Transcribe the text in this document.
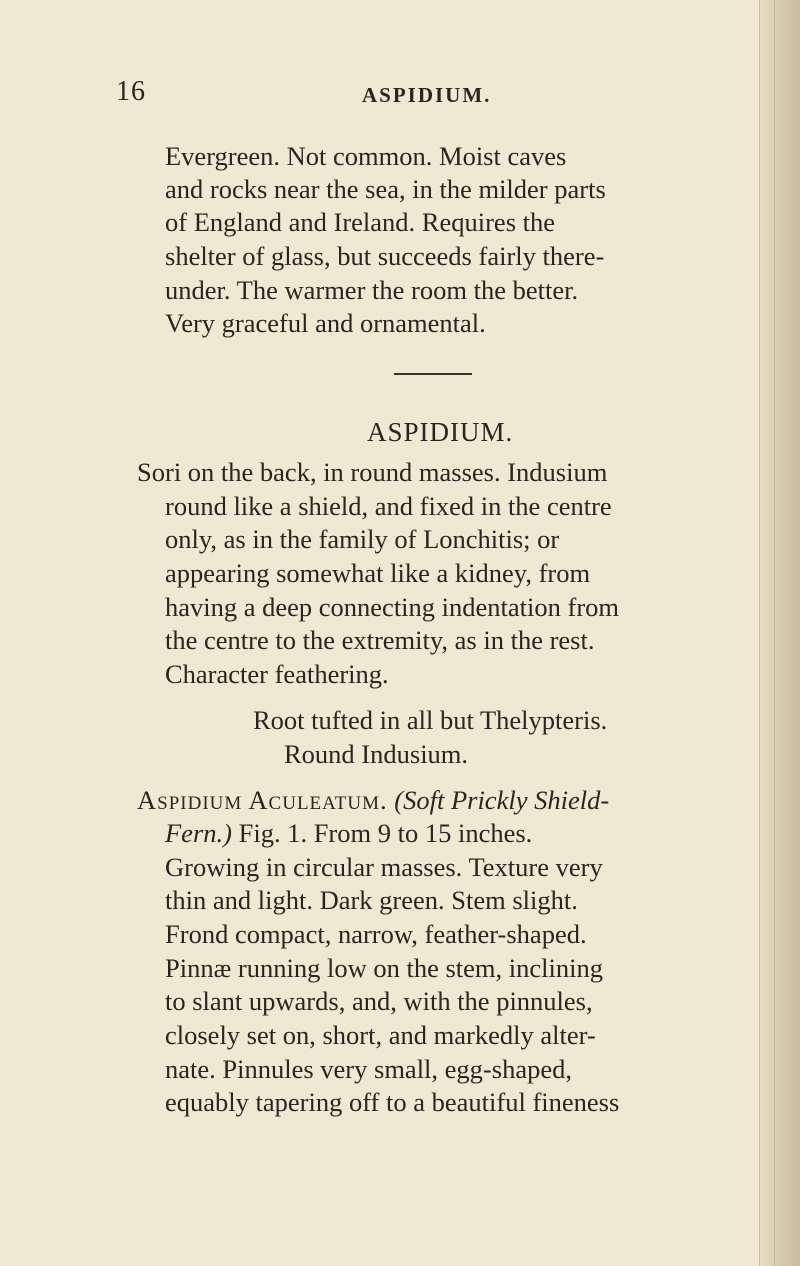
16	ASPIDIUM.
Evergreen. Not common. Moist caves
and rocks near the sea, in the milder parts
of England and Ireland. Requires the
shelter of glass, but succeeds fairly there-
under. The warmer the room the better.
Very graceful and ornamental.
ASPIDIUM.
Sori on the back, in round masses. Indusium
round like a shield, and fixed in the centre
only, as in the family of Lonchitis; or
appearing somewhat like a kidney, from
having a deep connecting indentation from
the centre to the extremity, as in the rest.
Character feathering.
Root tufted in all but Thelypteris.
Round Indusium.
Aspidium Aculeatum. (Soft Prickly Shield-
Fern.) Fig. 1. From 9 to 15 inches.
Growing in circular masses. Texture very
thin and light. Dark green. Stem slight.
Frond compact, narrow, feather-shaped.
Pinnæ running low on the stem, inclining
to slant upwards, and, with the pinnules,
closely set on, short, and markedly alter-
nate. Pinnules very small, egg-shaped,
equably tapering off to a beautiful fineness
